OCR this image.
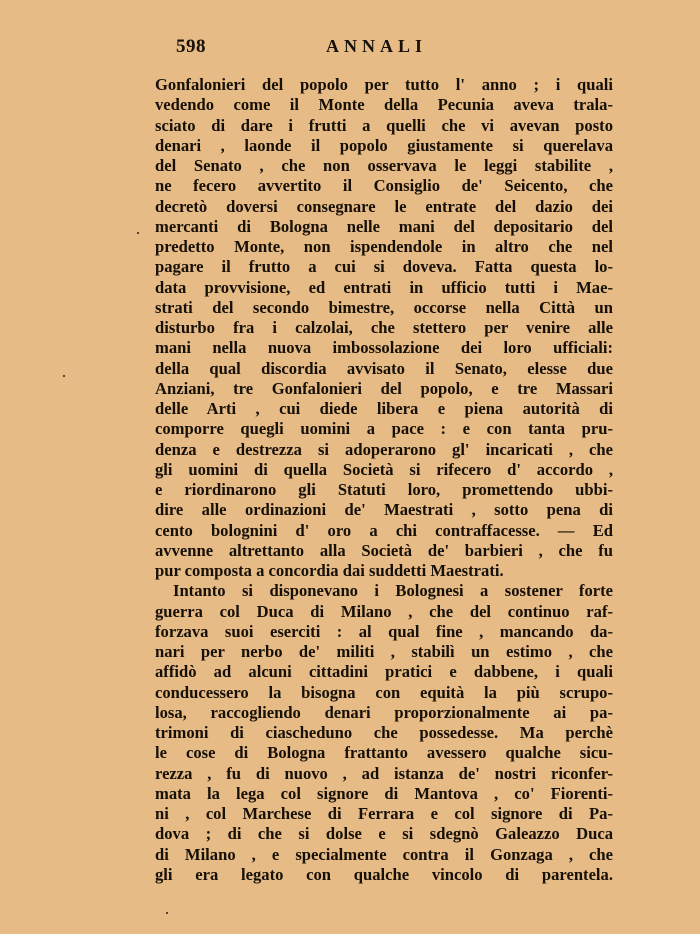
598	ANNALI
Gonfalonieri del popolo per tutto l' anno ; i quali
vedendo come il Monte della Pecunia aveva trala-
sciato di dare i frutti a quelli che vi avevan posto
denari , laonde il popolo giustamente si querelava
del Senato , che non osservava le leggi stabilite ,
ne fecero avvertito il Consiglio de' Seicento, che
decretò doversi consegnare le entrate del dazio dei
mercanti di Bologna nelle mani del depositario del
predetto Monte, non ispendendole in altro che nel
pagare il frutto a cui si doveva. Fatta questa lo-
data provvisione, ed entrati in ufficio tutti i Mae-
strati del secondo bimestre, occorse nella Città un
disturbo fra i calzolai, che stettero per venire alle
mani nella nuova imbossolazione dei loro ufficiali:
della qual discordia avvisato il Senato, elesse due
Anziani, tre Gonfalonieri del popolo, e tre Massari
delle Arti , cui diede libera e piena autorità di
comporre quegli uomini a pace : e con tanta pru-
denza e destrezza si adoperarono gl' incaricati , che
gli uomini di quella Società si rifecero d' accordo ,
e riordinarono gli Statuti loro, promettendo ubbi-
dire alle ordinazioni de' Maestrati , sotto pena di
cento bolognini d' oro a chi contraffacesse. — Ed
avvenne altrettanto alla Società de' barbieri , che fu
pur composta a concordia dai suddetti Maestrati.
Intanto si disponevano i Bolognesi a sostener forte
guerra col Duca di Milano , che del continuo raf-
forzava suoi eserciti : al qual fine , mancando da-
nari per nerbo de' militi , stabilì un estimo , che
affidò ad alcuni cittadini pratici e dabbene, i quali
conducessero la bisogna con equità la più scrupo-
losa, raccogliendo denari proporzionalmente ai pa-
trimoni di ciascheduno che possedesse. Ma perchè
le cose di Bologna frattanto avessero qualche sicu-
rezza , fu di nuovo , ad istanza de' nostri riconfer-
mata la lega col signore di Mantova , co' Fiorenti-
ni , col Marchese di Ferrara e col signore di Pa-
dova ; di che si dolse e si sdegnò Galeazzo Duca
di Milano , e specialmente contra il Gonzaga , che
gli era legato con qualche vincolo di parentela.
